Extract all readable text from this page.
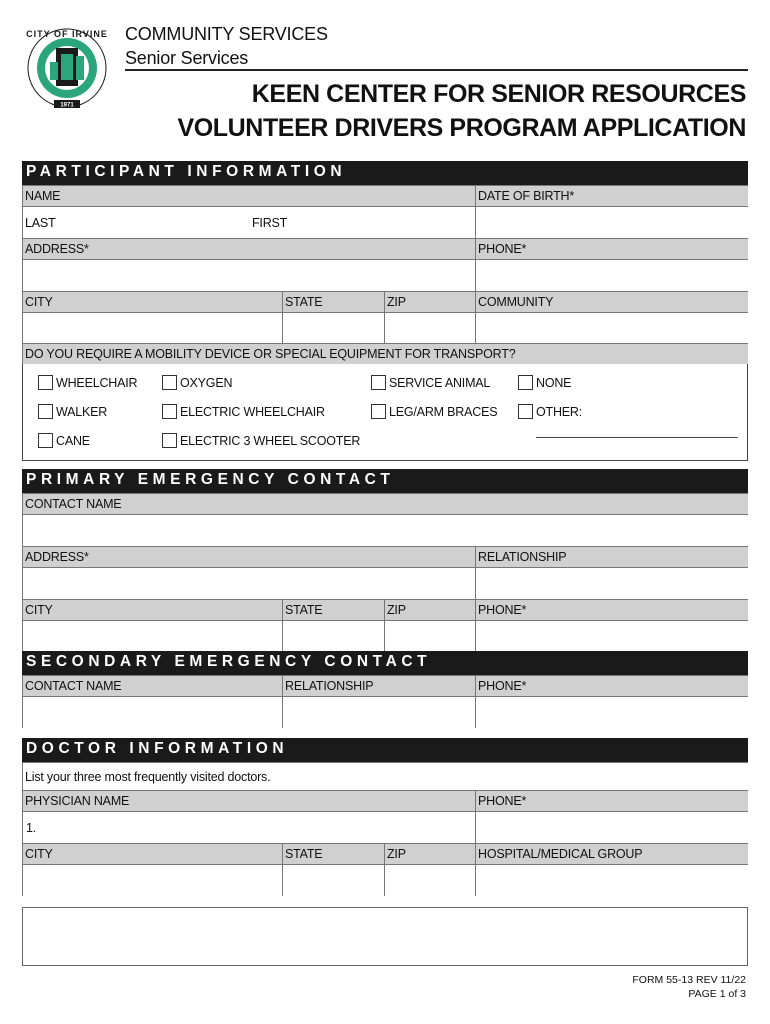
1971
CITY OF IRVINE COMMUNITY SERVICES
Senior Services
KEEN CENTER FOR SENIOR RESOURCES
VOLUNTEER DRIVERS PROGRAM APPLICATION
PARTICIPANT INFORMATION
NAME	DATE OF BIRTH*
LAST	FIRST
ADDRESS*	PHONE*
CITY	STATE	ZIP	COMMUNITY
DO YOU REQUIRE A MOBILITY DEVICE OR SPECIAL EQUIPMENT FOR TRANSPORT?
WHEELCHAIR	OXYGEN	SERVICE ANIMAL	NONE
WALKER	ELECTRIC WHEELCHAIR	LEG/ARM BRACES	OTHER:
CANE	ELECTRIC 3 WHEEL SCOOTER
PRIMARY EMERGENCY CONTACT
CONTACT NAME
ADDRESS*	RELATIONSHIP
CITY	STATE	ZIP	PHONE*
SECONDARY EMERGENCY CONTACT
CONTACT NAME	RELATIONSHIP	PHONE*
DOCTOR INFORMATION
List your three most frequently visited doctors.
PHYSICIAN NAME	PHONE*
1.
CITY	STATE	ZIP	HOSPITAL/MEDICAL GROUP
FORM 55-13 REV 11/22
PAGE 1 of 3
